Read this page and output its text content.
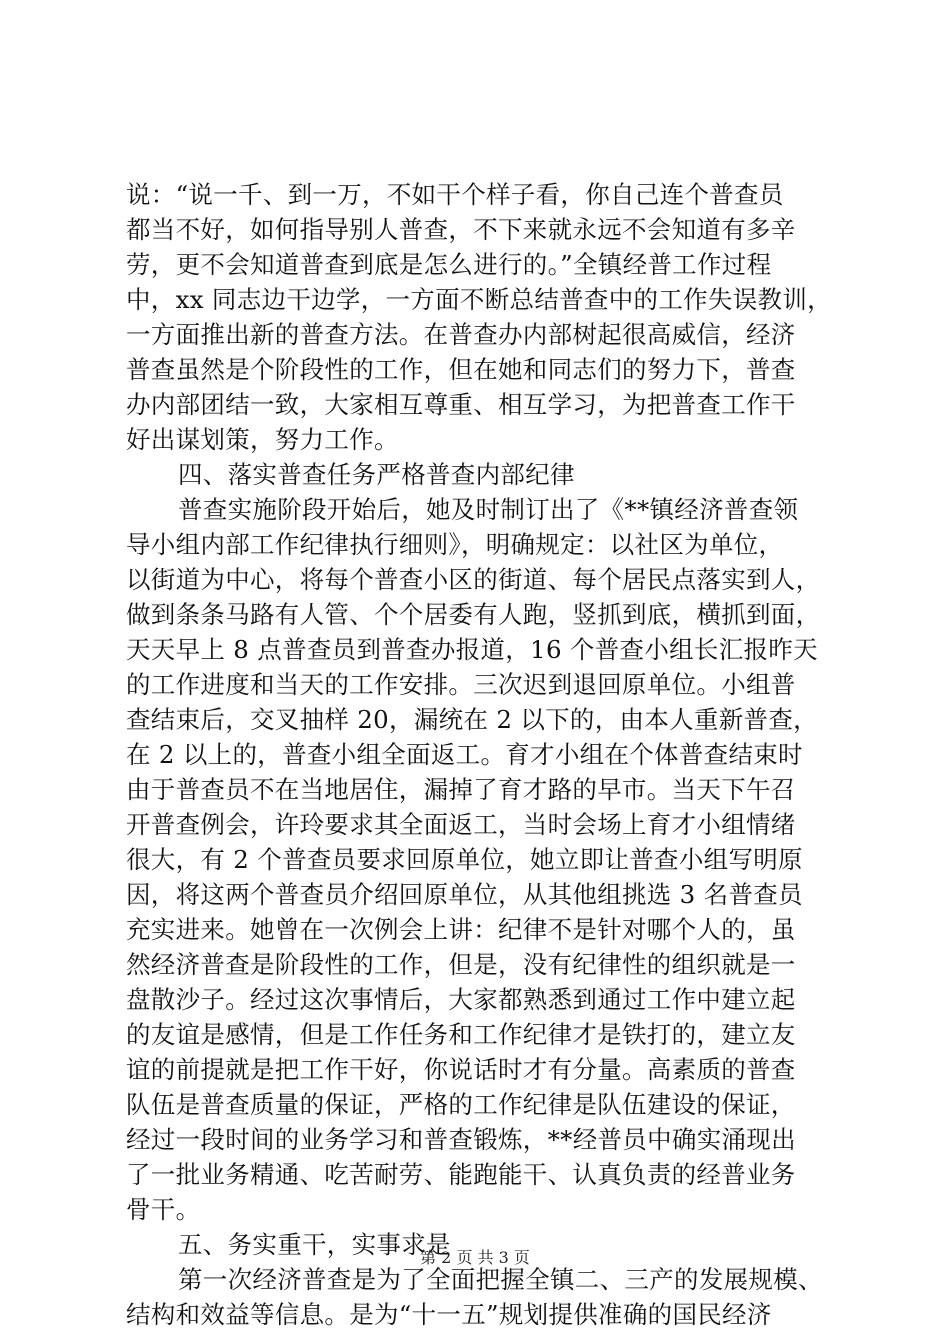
说：“说一千、到一万，不如干个样子看，你自己连个普查员
都当不好，如何指导别人普查，不下来就永远不会知道有多辛
劳，更不会知道普查到底是怎么进行的。”全镇经普工作过程
中，xx 同志边干边学，一方面不断总结普查中的工作失误教训，
一方面推出新的普查方法。在普查办内部树起很高威信，经济
普查虽然是个阶段性的工作，但在她和同志们的努力下，普查
办内部团结一致，大家相互尊重、相互学习，为把普查工作干
好出谋划策，努力工作。
四、落实普查任务严格普查内部纪律
普查实施阶段开始后，她及时制订出了《**镇经济普查领
导小组内部工作纪律执行细则》，明确规定：以社区为单位，
以街道为中心，将每个普查小区的街道、每个居民点落实到人，
做到条条马路有人管、个个居委有人跑，竖抓到底，横抓到面，
天天早上 8 点普查员到普查办报道，16 个普查小组长汇报昨天
的工作进度和当天的工作安排。三次迟到退回原单位。小组普
查结束后，交叉抽样 20，漏统在 2 以下的，由本人重新普查，
在 2 以上的，普查小组全面返工。育才小组在个体普查结束时
由于普查员不在当地居住，漏掉了育才路的早市。当天下午召
开普查例会，许玲要求其全面返工，当时会场上育才小组情绪
很大，有 2 个普查员要求回原单位，她立即让普查小组写明原
因，将这两个普查员介绍回原单位，从其他组挑选 3 名普查员
充实进来。她曾在一次例会上讲：纪律不是针对哪个人的，虽
然经济普查是阶段性的工作，但是，没有纪律性的组织就是一
盘散沙子。经过这次事情后，大家都熟悉到通过工作中建立起
的友谊是感情，但是工作任务和工作纪律才是铁打的，建立友
谊的前提就是把工作干好，你说话时才有分量。高素质的普查
队伍是普查质量的保证，严格的工作纪律是队伍建设的保证，
经过一段时间的业务学习和普查锻炼，**经普员中确实涌现出
了一批业务精通、吃苦耐劳、能跑能干、认真负责的经普业务
骨干。
五、务实重干，实事求是
第一次经济普查是为了全面把握全镇二、三产的发展规模、
结构和效益等信息。是为“十一五”规划提供准确的国民经济
第 2 页 共 3 页
